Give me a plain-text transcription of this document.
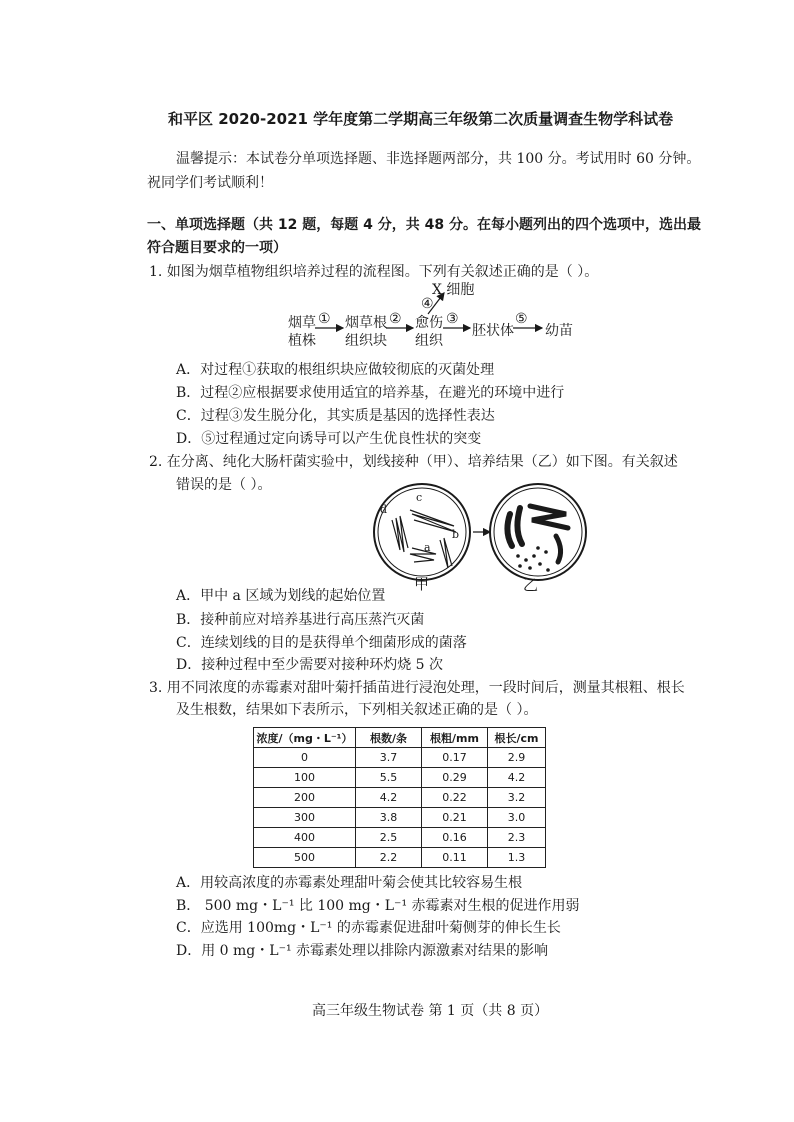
和平区 2020-2021 学年度第二学期高三年级第二次质量调查生物学科试卷
温馨提示：本试卷分单项选择题、非选择题两部分，共 100 分。考试用时 60 分钟。
祝同学们考试顺利！
一、单项选择题（共 12 题，每题 4 分，共 48 分。在每小题列出的四个选项中，选出最
符合题目要求的一项）
1. 如图为烟草植物组织培养过程的流程图。下列有关叙述正确的是（ ）。
X 细胞
④
烟草
植株
① 烟草根
组织块
② 愈伤
组织
③
胚状体
⑤
幼苗
A．对过程①获取的根组织块应做较彻底的灭菌处理
B．过程②应根据要求使用适宜的培养基，在避光的环境中进行
C．过程③发生脱分化，其实质是基因的选择性表达
D．⑤过程通过定向诱导可以产生优良性状的突变
2. 在分离、纯化大肠杆菌实验中，划线接种（甲）、培养结果（乙）如下图。有关叙述
错误的是（ ）。
d
c
b
a
甲	乙
A．甲中 a 区域为划线的起始位置
B．接种前应对培养基进行高压蒸汽灭菌
C．连续划线的目的是获得单个细菌形成的菌落
D．接种过程中至少需要对接种环灼烧 5 次
3. 用不同浓度的赤霉素对甜叶菊扦插苗进行浸泡处理，一段时间后，测量其根粗、根长
及生根数，结果如下表所示，下列相关叙述正确的是（ ）。
浓度/（mg・L⁻¹）	根数/条	根粗/mm	根长/cm
0	3.7	0.17	2.9
100	5.5	0.29	4.2
200	4.2	0.22	3.2
300	3.8	0.21	3.0
400	2.5	0.16	2.3
500	2.2	0.11	1.3
A．用较高浓度的赤霉素处理甜叶菊会使其比较容易生根
B． 500 mg・L⁻¹ 比 100 mg・L⁻¹ 赤霉素对生根的促进作用弱
C．应选用 100mg・L⁻¹ 的赤霉素促进甜叶菊侧芽的伸长生长
D．用 0 mg・L⁻¹ 赤霉素处理以排除内源激素对结果的影响
高三年级生物试卷 第 1 页（共 8 页）
